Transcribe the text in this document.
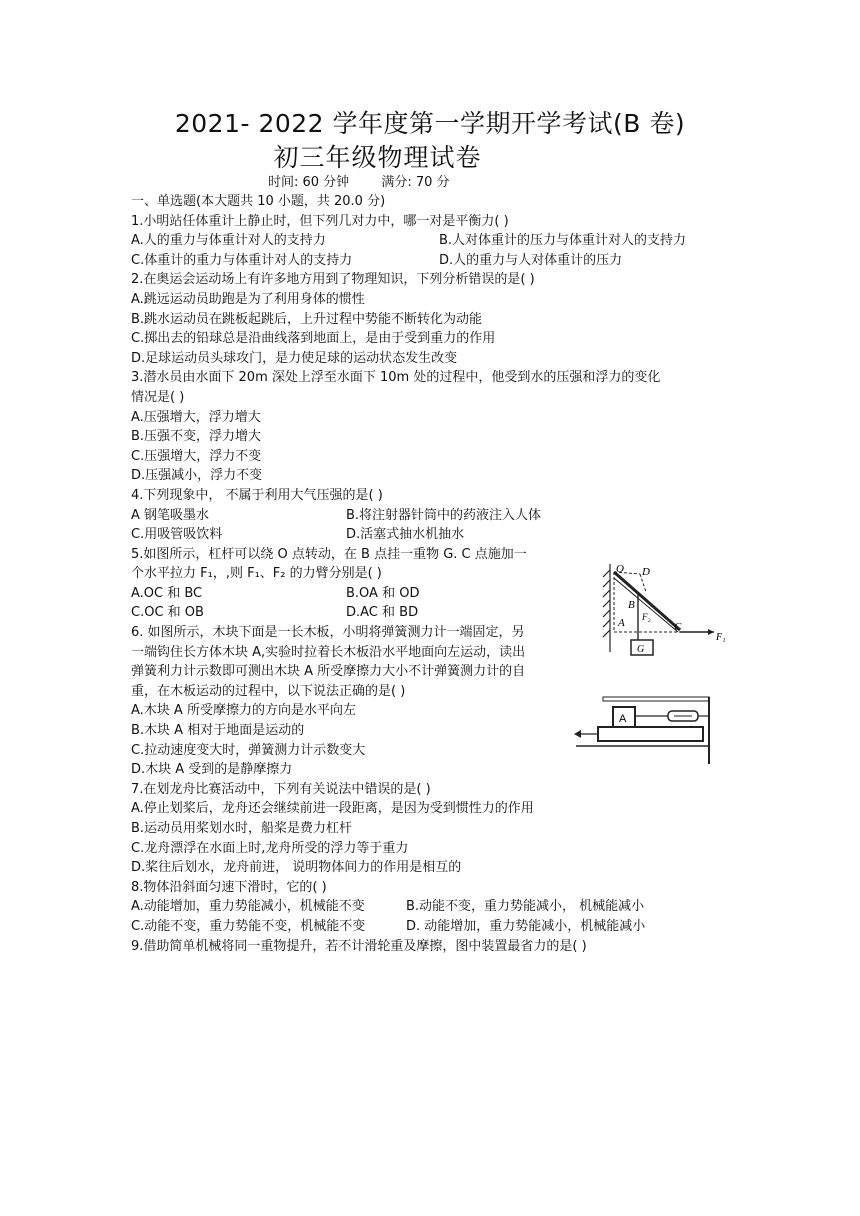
2021- 2022 学年度第一学期开学考试(B 卷)
初三年级物理试卷
时间: 60 分钟 满分: 70 分
一、单选题(本大题共 10 小题，共 20.0 分)
1.小明站任体重计上静止时，但下列几对力中，哪一对是平衡力( )
A.人的重力与体重计对人的支持力	B.人对体重计的压力与体重计对人的支持力
C.体重计的重力与体重计对人的支持力	D.人的重力与人对体重计的压力
2.在奥运会运动场上有许多地方用到了物理知识，下列分析错误的是( )
A.跳远运动员助跑是为了利用身体的惯性
B.跳水运动员在跳板起跳后，上升过程中势能不断转化为动能
C.掷出去的铅球总是沿曲线落到地面上，是由于受到重力的作用
D.足球运动员头球攻门，是力使足球的运动状态发生改变
3.潜水员由水面下 20m 深处上浮至水面下 10m 处的过程中，他受到水的压强和浮力的变化
情况是( )
A.压强增大，浮力增大
B.压强不变，浮力增大
C.压强增大，浮力不变
D.压强减小，浮力不变
4.下列现象中， 不属于利用大气压强的是( )
A 钢笔吸墨水	B.将注射器针筒中的药液注入人体
C.用吸管吸饮料	D.活塞式抽水机抽水
5.如图所示，杠杆可以绕 O 点转动，在 B 点挂一重物 G. C 点施加一
个水平拉力 F₁，,则 F₁、F₂ 的力臂分别是( )
A.OC 和 BC	B.OA 和 OD
C.OC 和 OB	D.AC 和 BD
6. 如图所示，木块下面是一长木板，小明将弹簧测力计一端固定，另
一端钩住长方体木块 A,实验时拉着长木板沿水平地面向左运动，读出
弹簧利力计示数即可测出木块 A 所受摩擦力大小不计弹簧测力计的自
重，在木板运动的过程中，以下说法正确的是( )
A.木块 A 所受摩擦力的方向是水平向左
B.木块 A 相对于地面是运动的
C.拉动速度变大时，弹簧测力计示数变大
D.木块 A 受到的是静摩擦力
7.在划龙舟比赛活动中，下列有关说法中错误的是( )
A.停止划桨后，龙舟还会继续前进一段距离，是因为受到惯性力的作用
B.运动员用桨划水时，船桨是费力杠杆
C.龙舟漂浮在水面上时,龙舟所受的浮力等于重力
D.桨往后划水，龙舟前进， 说明物体间力的作用是相互的
8.物体沿斜面匀速下滑时，它的( )
A.动能增加，重力势能减小，机械能不变	B.动能不变，重力势能减小， 机械能减小
C.动能不变，重力势能不变，机械能不变	D. 动能增加，重力势能减小，机械能减小
9.借助简单机械将同一重物提升，若不计滑轮重及摩擦，图中装置最省力的是( )
O D
B
A F₂
C
F₁
G
A
